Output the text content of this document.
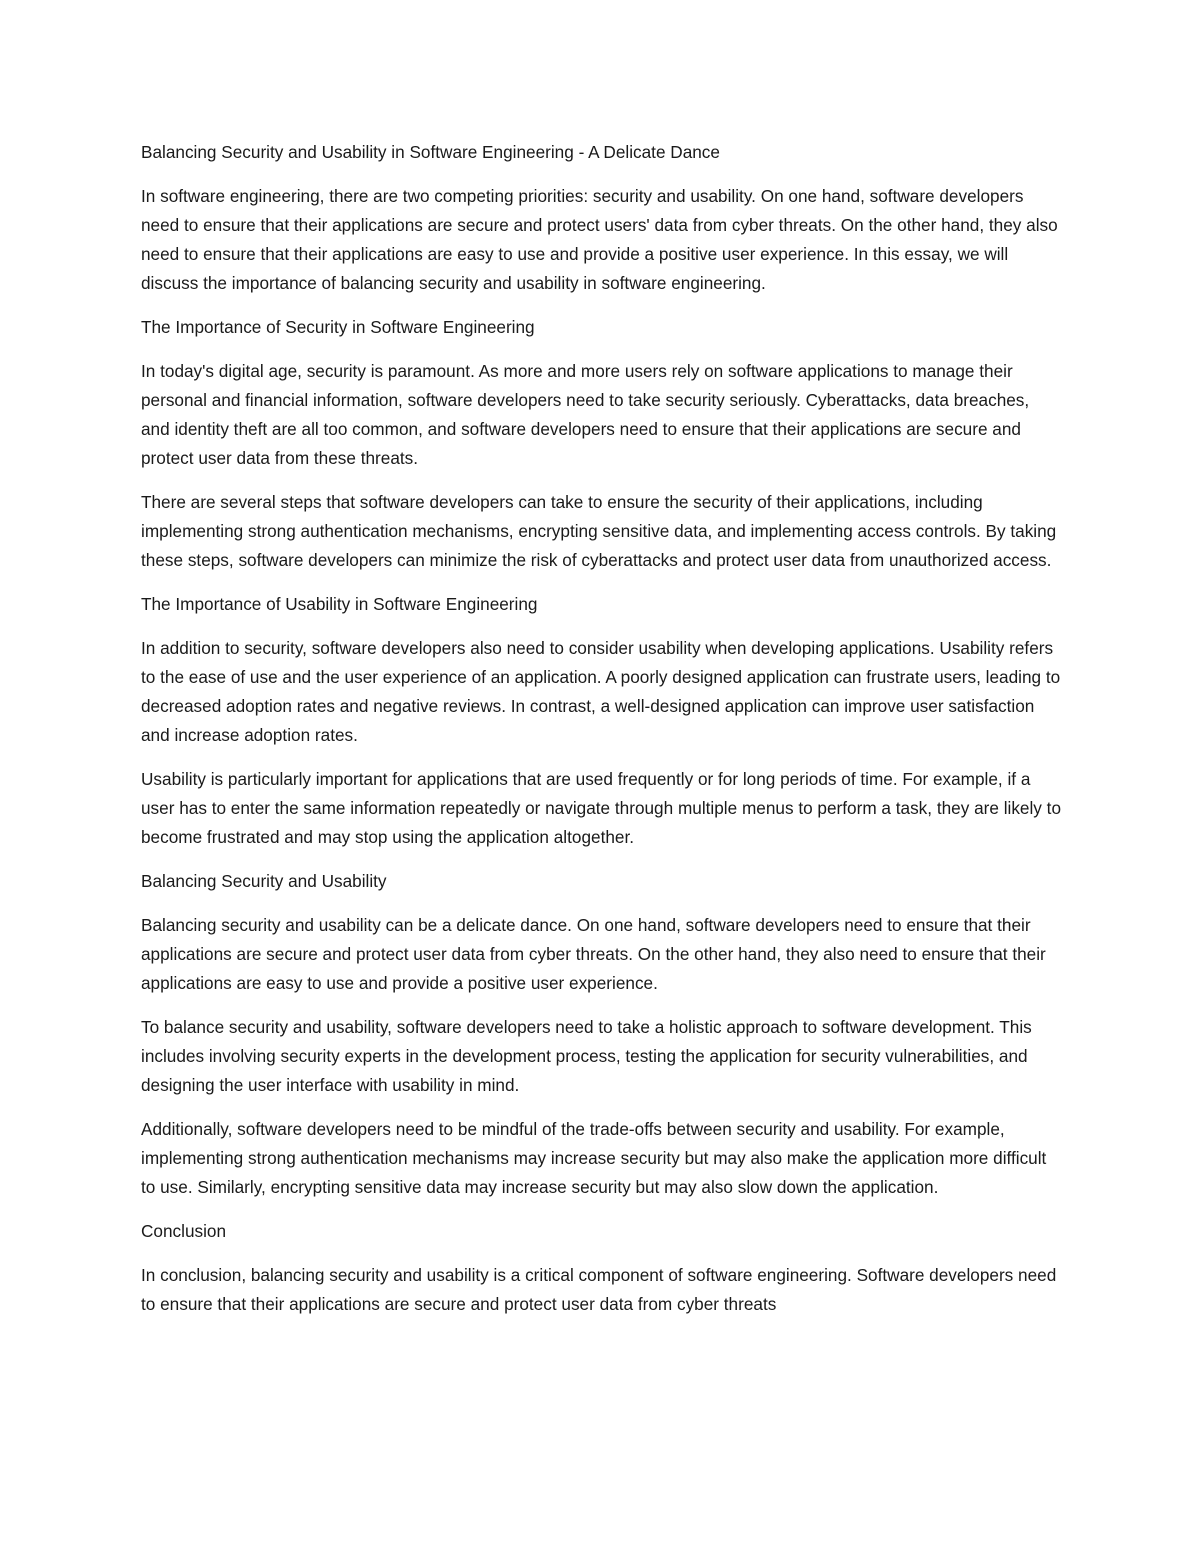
Balancing Security and Usability in Software Engineering - A Delicate Dance

In software engineering, there are two competing priorities: security and usability. On one hand, software developers need to ensure that their applications are secure and protect users' data from cyber threats. On the other hand, they also need to ensure that their applications are easy to use and provide a positive user experience. In this essay, we will discuss the importance of balancing security and usability in software engineering.

The Importance of Security in Software Engineering

In today's digital age, security is paramount. As more and more users rely on software applications to manage their personal and financial information, software developers need to take security seriously. Cyberattacks, data breaches, and identity theft are all too common, and software developers need to ensure that their applications are secure and protect user data from these threats.

There are several steps that software developers can take to ensure the security of their applications, including implementing strong authentication mechanisms, encrypting sensitive data, and implementing access controls. By taking these steps, software developers can minimize the risk of cyberattacks and protect user data from unauthorized access.

The Importance of Usability in Software Engineering

In addition to security, software developers also need to consider usability when developing applications. Usability refers to the ease of use and the user experience of an application. A poorly designed application can frustrate users, leading to decreased adoption rates and negative reviews. In contrast, a well-designed application can improve user satisfaction and increase adoption rates.

Usability is particularly important for applications that are used frequently or for long periods of time. For example, if a user has to enter the same information repeatedly or navigate through multiple menus to perform a task, they are likely to become frustrated and may stop using the application altogether.

Balancing Security and Usability

Balancing security and usability can be a delicate dance. On one hand, software developers need to ensure that their applications are secure and protect user data from cyber threats. On the other hand, they also need to ensure that their applications are easy to use and provide a positive user experience.

To balance security and usability, software developers need to take a holistic approach to software development. This includes involving security experts in the development process, testing the application for security vulnerabilities, and designing the user interface with usability in mind.

Additionally, software developers need to be mindful of the trade-offs between security and usability. For example, implementing strong authentication mechanisms may increase security but may also make the application more difficult to use. Similarly, encrypting sensitive data may increase security but may also slow down the application.

Conclusion

In conclusion, balancing security and usability is a critical component of software engineering. Software developers need to ensure that their applications are secure and protect user data from cyber threats
